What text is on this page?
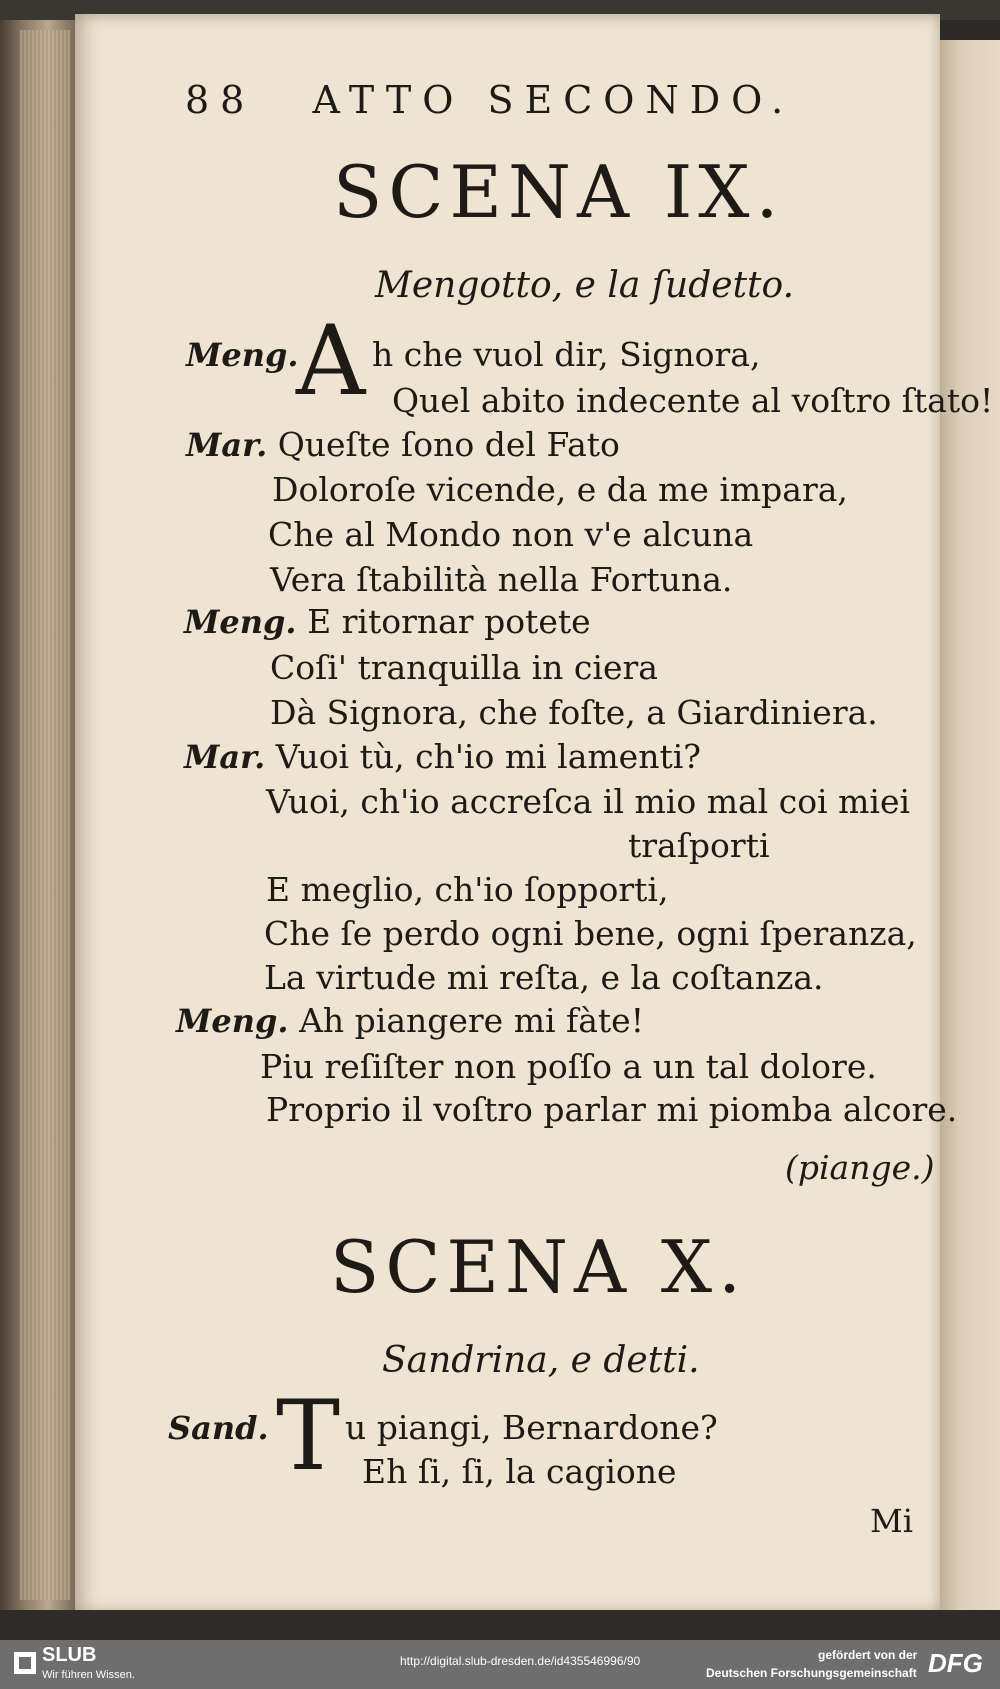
88 ATTO SECONDO.
SCENA IX.
Mengotto, e la ſudetto.
A
Meng. h che vuol dir, Signora,
Quel abito indecente al voſtro ſtato!
Mar. Queſte ſono del Fato
Doloroſe vicende, e da me impara,
Che al Mondo non v'e alcuna
Vera ſtabilità nella Fortuna.
Meng. E ritornar potete
Coſi' tranquilla in ciera
Dà Signora, che foſte, a Giardiniera.
Mar. Vuoi tù, ch'io mi lamenti?
Vuoi, ch'io accreſca il mio mal coi miei
traſporti
E meglio, ch'io ſopporti,
Che ſe perdo ogni bene, ogni ſperanza,
La virtude mi reſta, e la coſtanza.
Meng. Ah piangere mi fàte!
Piu reſiſter non poſſo a un tal dolore.
Proprio il voſtro parlar mi piomba alcore.
(piange.)
SCENA X.
Sandrina, e detti.
T
Sand. u piangi, Bernardone?
Eh ſi, ſi, la cagione
Mi
SLUB
Wir führen Wissen.
http://digital.slub-dresden.de/id435546996/90	gefördert von der
Deutschen Forschungsgemeinschaft DFG
